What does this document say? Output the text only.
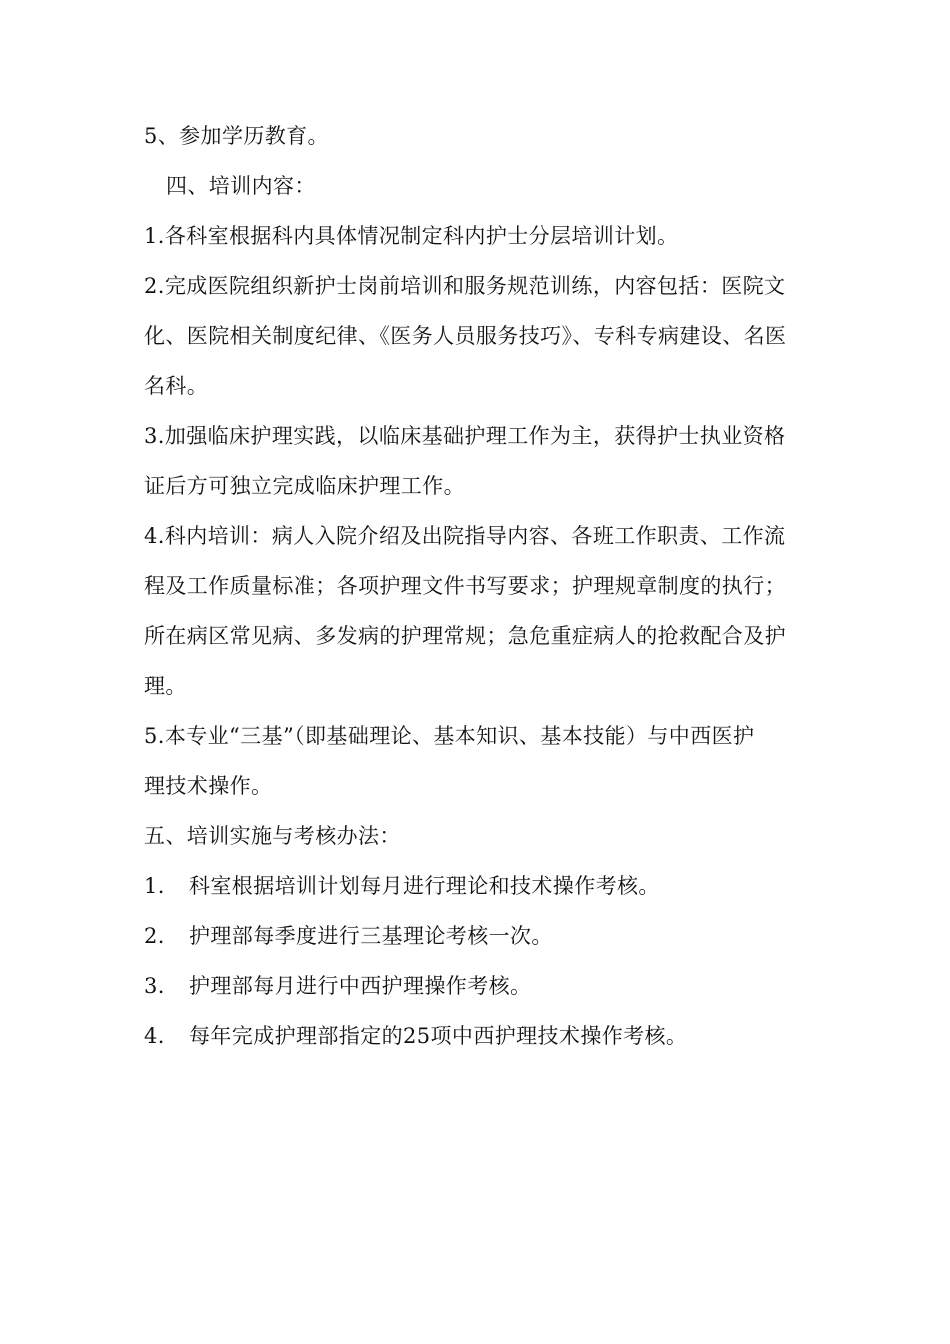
5、参加学历教育。
四、培训内容：
1.各科室根据科内具体情况制定科内护士分层培训计划。
2.完成医院组织新护士岗前培训和服务规范训练，内容包括：医院文
化、医院相关制度纪律、《医务人员服务技巧》、专科专病建设、名医
名科。
3.加强临床护理实践，以临床基础护理工作为主，获得护士执业资格
证后方可独立完成临床护理工作。
4.科内培训：病人入院介绍及出院指导内容、各班工作职责、工作流
程及工作质量标准；各项护理文件书写要求；护理规章制度的执行；
所在病区常见病、多发病的护理常规；急危重症病人的抢救配合及护
理。
5.本专业“三基”（即基础理论、基本知识、基本技能）与中西医护
理技术操作。
五、培训实施与考核办法：
1. 科室根据培训计划每月进行理论和技术操作考核。
2. 护理部每季度进行三基理论考核一次。
3. 护理部每月进行中西护理操作考核。
4. 每年完成护理部指定的25项中西护理技术操作考核。
